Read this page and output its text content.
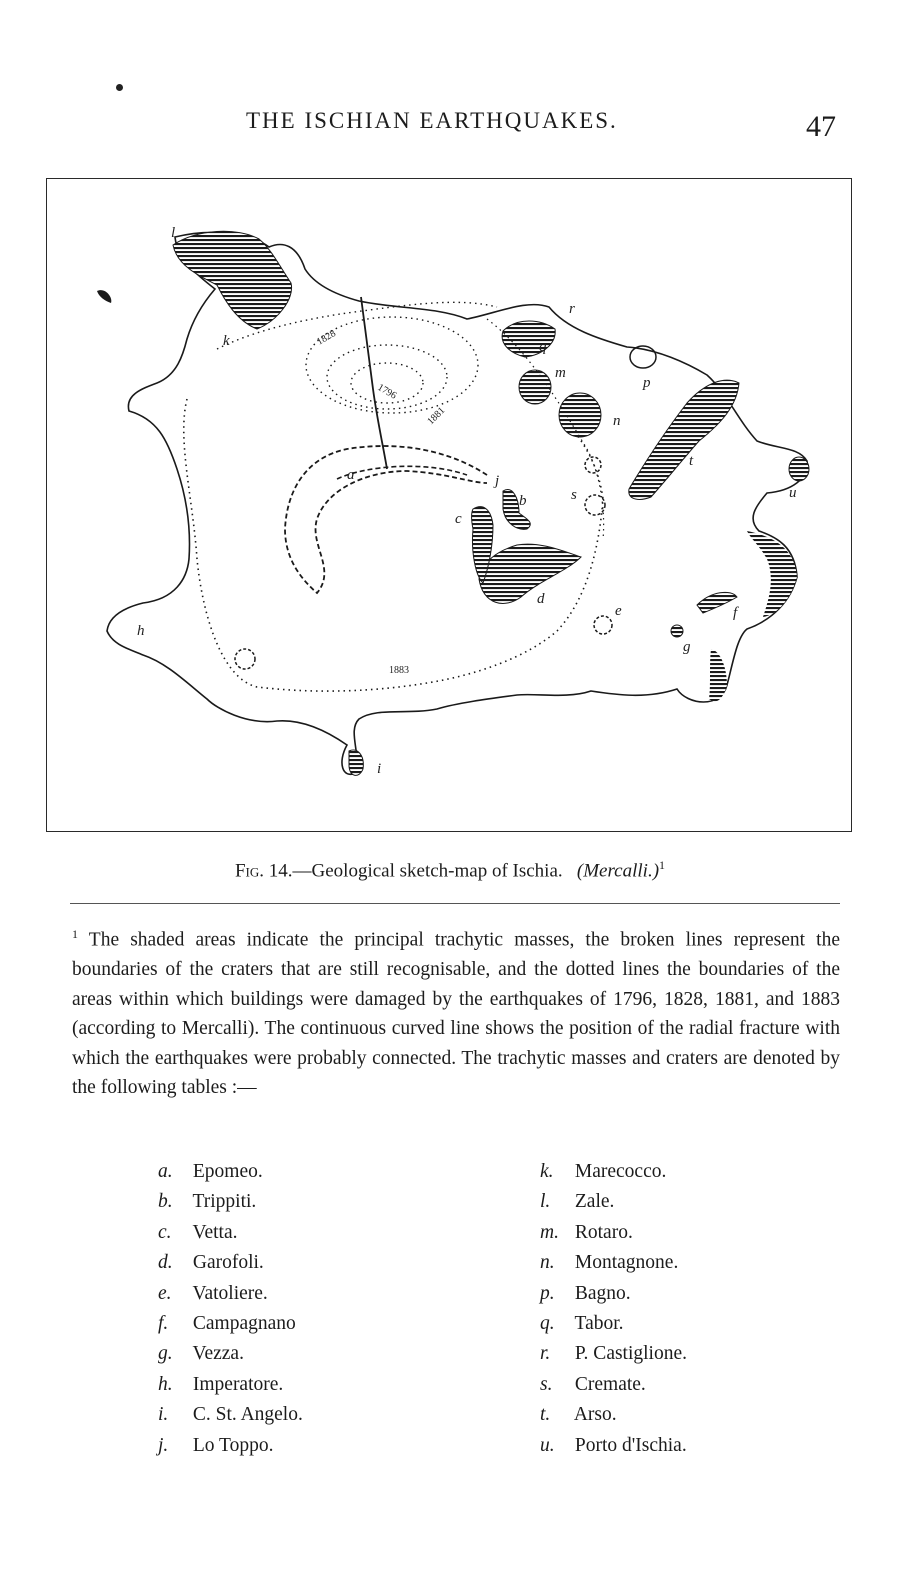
THE ISCHIAN EARTHQUAKES.	47
a
b
c
d
e	f
g
h
i
j
k
l
m
n
p
q
r
s
t
u
1828
1796
1881
1883
Fig. 14.—Geological sketch-map of Ischia. (Mercalli.)$^1$
$^1$ The shaded areas indicate the principal trachytic masses, the broken lines represent the boundaries of the craters that are still recognisable, and the dotted lines the boundaries of the areas within which buildings were damaged by the earthquakes of 1796, 1828, 1881, and 1883 (according to Mercalli). The continuous curved line shows the position of the radial fracture with which the earthquakes were probably connected. The trachytic masses and craters are denoted by the following tables :—
a. Epomeo.
b. Trippiti.
c. Vetta.
d. Garofoli.
e. Vatoliere.
f. Campagnano
g. Vezza.
h. Imperatore.
i. C. St. Angelo.
j. Lo Toppo.
k. Marecocco.
l. Zale.
m. Rotaro.
n. Montagnone.
p. Bagno.
q. Tabor.
r. P. Castiglione.
s. Cremate.
t. Arso.
u. Porto d'Ischia.
